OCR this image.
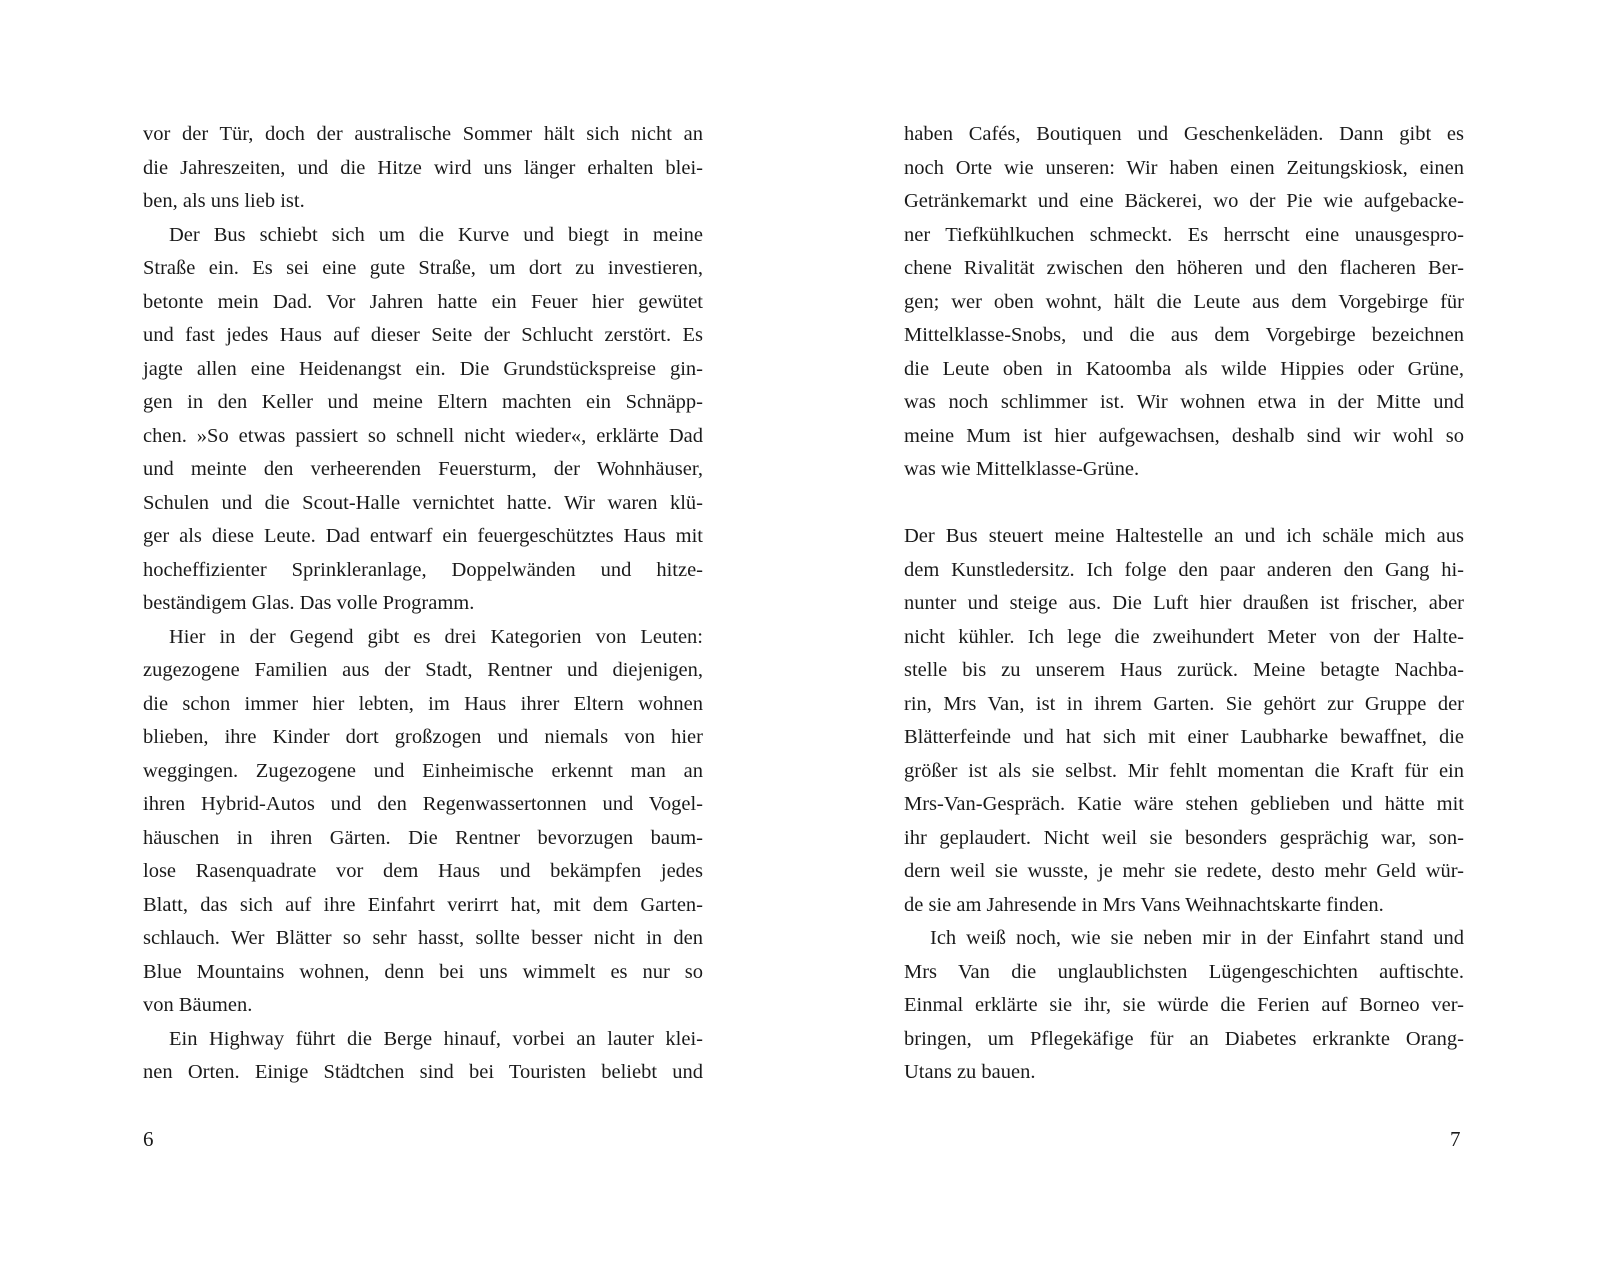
vor der Tür, doch der australische Sommer hält sich nicht an
die Jahreszeiten, und die Hitze wird uns länger erhalten blei-
ben, als uns lieb ist.
Der Bus schiebt sich um die Kurve und biegt in meine
Straße ein. Es sei eine gute Straße, um dort zu investieren,
betonte mein Dad. Vor Jahren hatte ein Feuer hier gewütet
und fast jedes Haus auf dieser Seite der Schlucht zerstört. Es
jagte allen eine Heidenangst ein. Die Grundstückspreise gin-
gen in den Keller und meine Eltern machten ein Schnäpp-
chen. »So etwas passiert so schnell nicht wieder«, erklärte Dad
und meinte den verheerenden Feuersturm, der Wohnhäuser,
Schulen und die Scout-Halle vernichtet hatte. Wir waren klü-
ger als diese Leute. Dad entwarf ein feuergeschütztes Haus mit
hocheffizienter Sprinkleranlage, Doppelwänden und hitze-
beständigem Glas. Das volle Programm.
Hier in der Gegend gibt es drei Kategorien von Leuten:
zugezogene Familien aus der Stadt, Rentner und diejenigen,
die schon immer hier lebten, im Haus ihrer Eltern wohnen
blieben, ihre Kinder dort großzogen und niemals von hier
weggingen. Zugezogene und Einheimische erkennt man an
ihren Hybrid-Autos und den Regenwassertonnen und Vogel-
häuschen in ihren Gärten. Die Rentner bevorzugen baum-
lose Rasenquadrate vor dem Haus und bekämpfen jedes
Blatt, das sich auf ihre Einfahrt verirrt hat, mit dem Garten-
schlauch. Wer Blätter so sehr hasst, sollte besser nicht in den
Blue Mountains wohnen, denn bei uns wimmelt es nur so
von Bäumen.
Ein Highway führt die Berge hinauf, vorbei an lauter klei-
nen Orten. Einige Städtchen sind bei Touristen beliebt und
6
haben Cafés, Boutiquen und Geschenkeläden. Dann gibt es
noch Orte wie unseren: Wir haben einen Zeitungskiosk, einen
Getränkemarkt und eine Bäckerei, wo der Pie wie aufgebacke-
ner Tiefkühlkuchen schmeckt. Es herrscht eine unausgespro-
chene Rivalität zwischen den höheren und den flacheren Ber-
gen; wer oben wohnt, hält die Leute aus dem Vorgebirge für
Mittelklasse-Snobs, und die aus dem Vorgebirge bezeichnen
die Leute oben in Katoomba als wilde Hippies oder Grüne,
was noch schlimmer ist. Wir wohnen etwa in der Mitte und
meine Mum ist hier aufgewachsen, deshalb sind wir wohl so
was wie Mittelklasse-Grüne.
Der Bus steuert meine Haltestelle an und ich schäle mich aus
dem Kunstledersitz. Ich folge den paar anderen den Gang hi-
nunter und steige aus. Die Luft hier draußen ist frischer, aber
nicht kühler. Ich lege die zweihundert Meter von der Halte-
stelle bis zu unserem Haus zurück. Meine betagte Nachba-
rin, Mrs Van, ist in ihrem Garten. Sie gehört zur Gruppe der
Blätterfeinde und hat sich mit einer Laubharke bewaffnet, die
größer ist als sie selbst. Mir fehlt momentan die Kraft für ein
Mrs-Van-Gespräch. Katie wäre stehen geblieben und hätte mit
ihr geplaudert. Nicht weil sie besonders gesprächig war, son-
dern weil sie wusste, je mehr sie redete, desto mehr Geld wür-
de sie am Jahresende in Mrs Vans Weihnachtskarte finden.
Ich weiß noch, wie sie neben mir in der Einfahrt stand und
Mrs Van die unglaublichsten Lügengeschichten auftischte.
Einmal erklärte sie ihr, sie würde die Ferien auf Borneo ver-
bringen, um Pflegekäfige für an Diabetes erkrankte Orang-
Utans zu bauen.
7
